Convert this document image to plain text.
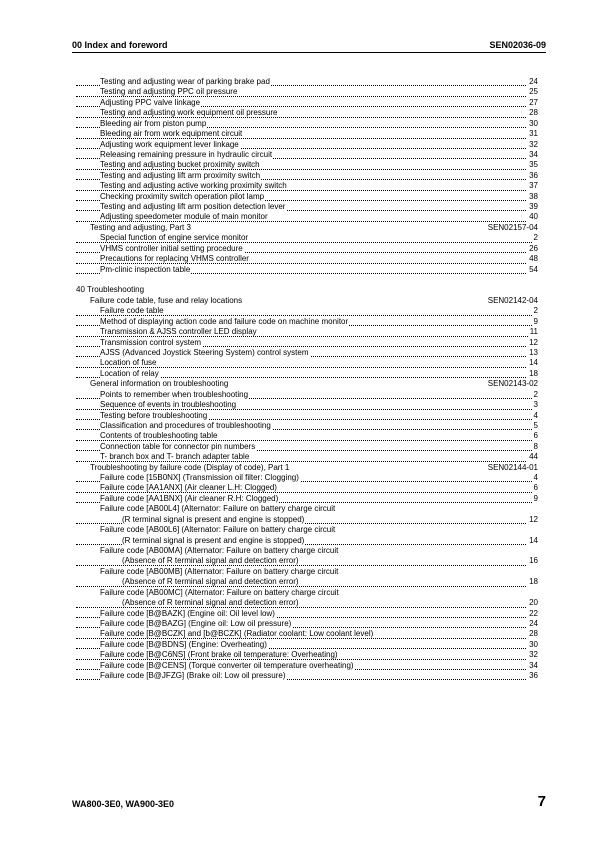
00 Index and foreword	SEN02036-09
Testing and adjusting wear of parking brake pad	24
Testing and adjusting PPC oil pressure	25
Adjusting PPC valve linkage	27
Testing and adjusting work equipment oil pressure	28
Bleeding air from piston pump	30
Bleeding air from work equipment circuit	31
Adjusting work equipment lever linkage	32
Releasing remaining pressure in hydraulic circuit	34
Testing and adjusting bucket proximity switch	35
Testing and adjusting lift arm proximity switch	36
Testing and adjusting active working proximity switch	37
Checking proximity switch operation pilot lamp	38
Testing and adjusting lift arm position detection lever	39
Adjusting speedometer module of main monitor	40
Testing and adjusting, Part 3	SEN02157-04
Special function of engine service monitor	2
VHMS controller initial setting procedure	26
Precautions for replacing VHMS controller	48
Pm-clinic inspection table	54
40 Troubleshooting
Failure code table, fuse and relay locations	SEN02142-04
Failure code table	2
Method of displaying action code and failure code on machine monitor	9
Transmission & AJSS controller LED display	11
Transmission control system	12
AJSS (Advanced Joystick Steering System) control system	13
Location of fuse	14
Location of relay	18
General information on troubleshooting	SEN02143-02
Points to remember when troubleshooting	2
Sequence of events in troubleshooting	3
Testing before troubleshooting	4
Classification and procedures of troubleshooting	5
Contents of troubleshooting table	6
Connection table for connector pin numbers	8
T- branch box and T- branch adapter table	44
Troubleshooting by failure code (Display of code), Part 1	SEN02144-01
Failure code [15B0NX] (Transmission oil filter: Clogging)	4
Failure code [AA1ANX] (Air cleaner L.H: Clogged)	6
Failure code [AA1BNX] (Air cleaner R.H: Clogged)	9
Failure code [AB00L4] (Alternator: Failure on battery charge circuit
(R terminal signal is present and engine is stopped)	12
Failure code [AB00L6] (Alternator: Failure on battery charge circuit
(R terminal signal is present and engine is stopped)	14
Failure code [AB00MA] (Alternator: Failure on battery charge circuit
(Absence of R terminal signal and detection error)	16
Failure code [AB00MB] (Alternator: Failure on battery charge circuit
(Absence of R terminal signal and detection error)	18
Failure code [AB00MC] (Alternator: Failure on battery charge circuit
(Absence of R terminal signal and detection error)	20
Failure code [B@BAZK] (Engine oil: Oil level low)	22
Failure code [B@BAZG] (Engine oil: Low oil pressure)	24
Failure code [B@BCZK] and [b@BCZK] (Radiator coolant: Low coolant level)	28
Failure code [B@BDNS] (Engine: Overheating)	30
Failure code [B@C6NS] (Front brake oil temperature: Overheating)	32
Failure code [B@CENS] (Torque converter oil temperature overheating)	34
Failure code [B@JFZG] (Brake oil: Low oil pressure)	36
WA800-3E0, WA900-3E0	7
